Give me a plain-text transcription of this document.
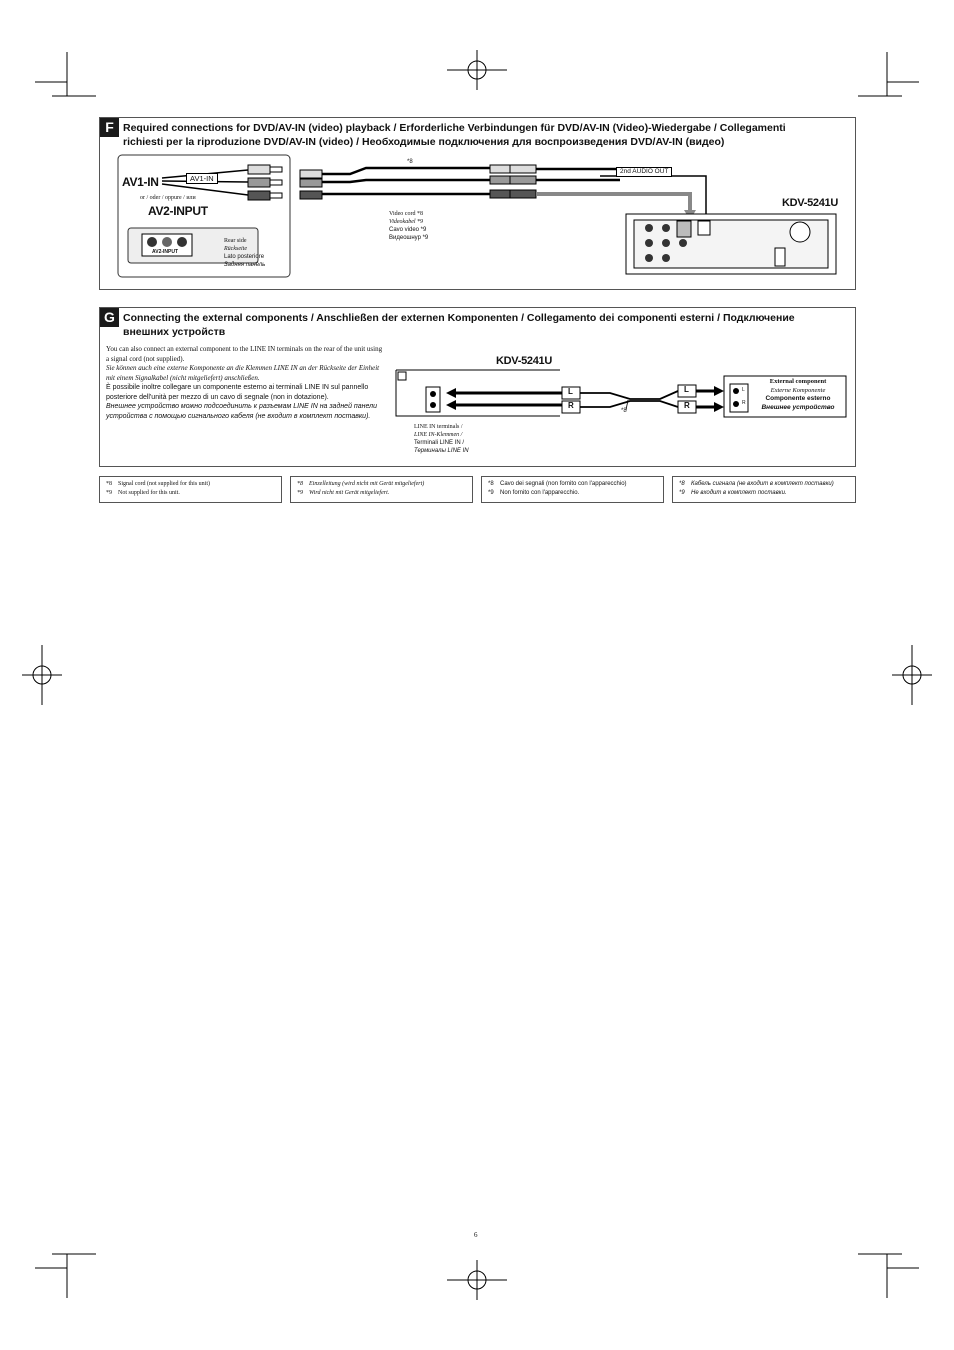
F Required connections for DVD/AV-IN (video) playback / Erforderliche Verbindungen für DVD/AV-IN (Video)-Wiedergabe / Collegamenti
richiesti per la riproduzione DVD/AV-IN (video) / Необходимые подключения для воспроизведения DVD/AV-IN (видео)
AV1-IN	AV1-IN
or / oder / oppure / или
AV2-INPUT
AV2-INPUT
Rear side
Rückseite
Lato posteriore
Задняя панель
*8
Video cord *8
Videokabel *9
Cavo video *9
Видеошнур *9
2nd AUDIO OUT
KDV-5241U
G Connecting the external components / Anschließen der externen Komponenten / Collegamento dei componenti esterni / Подключение
внешних устройств
You can also connect an external component to the LINE IN terminals on the rear of the unit using a signal cord (not supplied).
Sie können auch eine externe Komponente an die Klemmen LINE IN an der Rückseite der Einheit mit einem Signalkabel (nicht mitgeliefert) anschließen.
È possibile inoltre collegare un componente esterno ai terminali LINE IN sul pannello posteriore dell'unità per mezzo di un cavo di segnale (non in dotazione).
Внешнее устройство можно подсоединить к разъемам LINE IN на задней панели устройства с помощью сигнального кабеля (не входит в комплект поставки).
KDV-5241U
L
R
L
R
*8
LINE IN terminals /
LINE IN-Klemmen /
Terminali LINE IN /
Терминалы LINE IN
L
R
External component
Externe Komponente
Componente esterno
Внешнее устройство
*8 Signal cord (not supplied for this unit)
*9 Not supplied for this unit.
*8 Einzelleitung (wird nicht mit Gerät mitgeliefert)
*9 Wird nicht mit Gerät mitgeliefert.
*8 Cavo dei segnali (non fornito con l'apparecchio)
*9 Non fornito con l'apparecchio.
*8 Кабель сигнала (не входит в комплект поставки)
*9 Не входит в комплект поставки.
6
